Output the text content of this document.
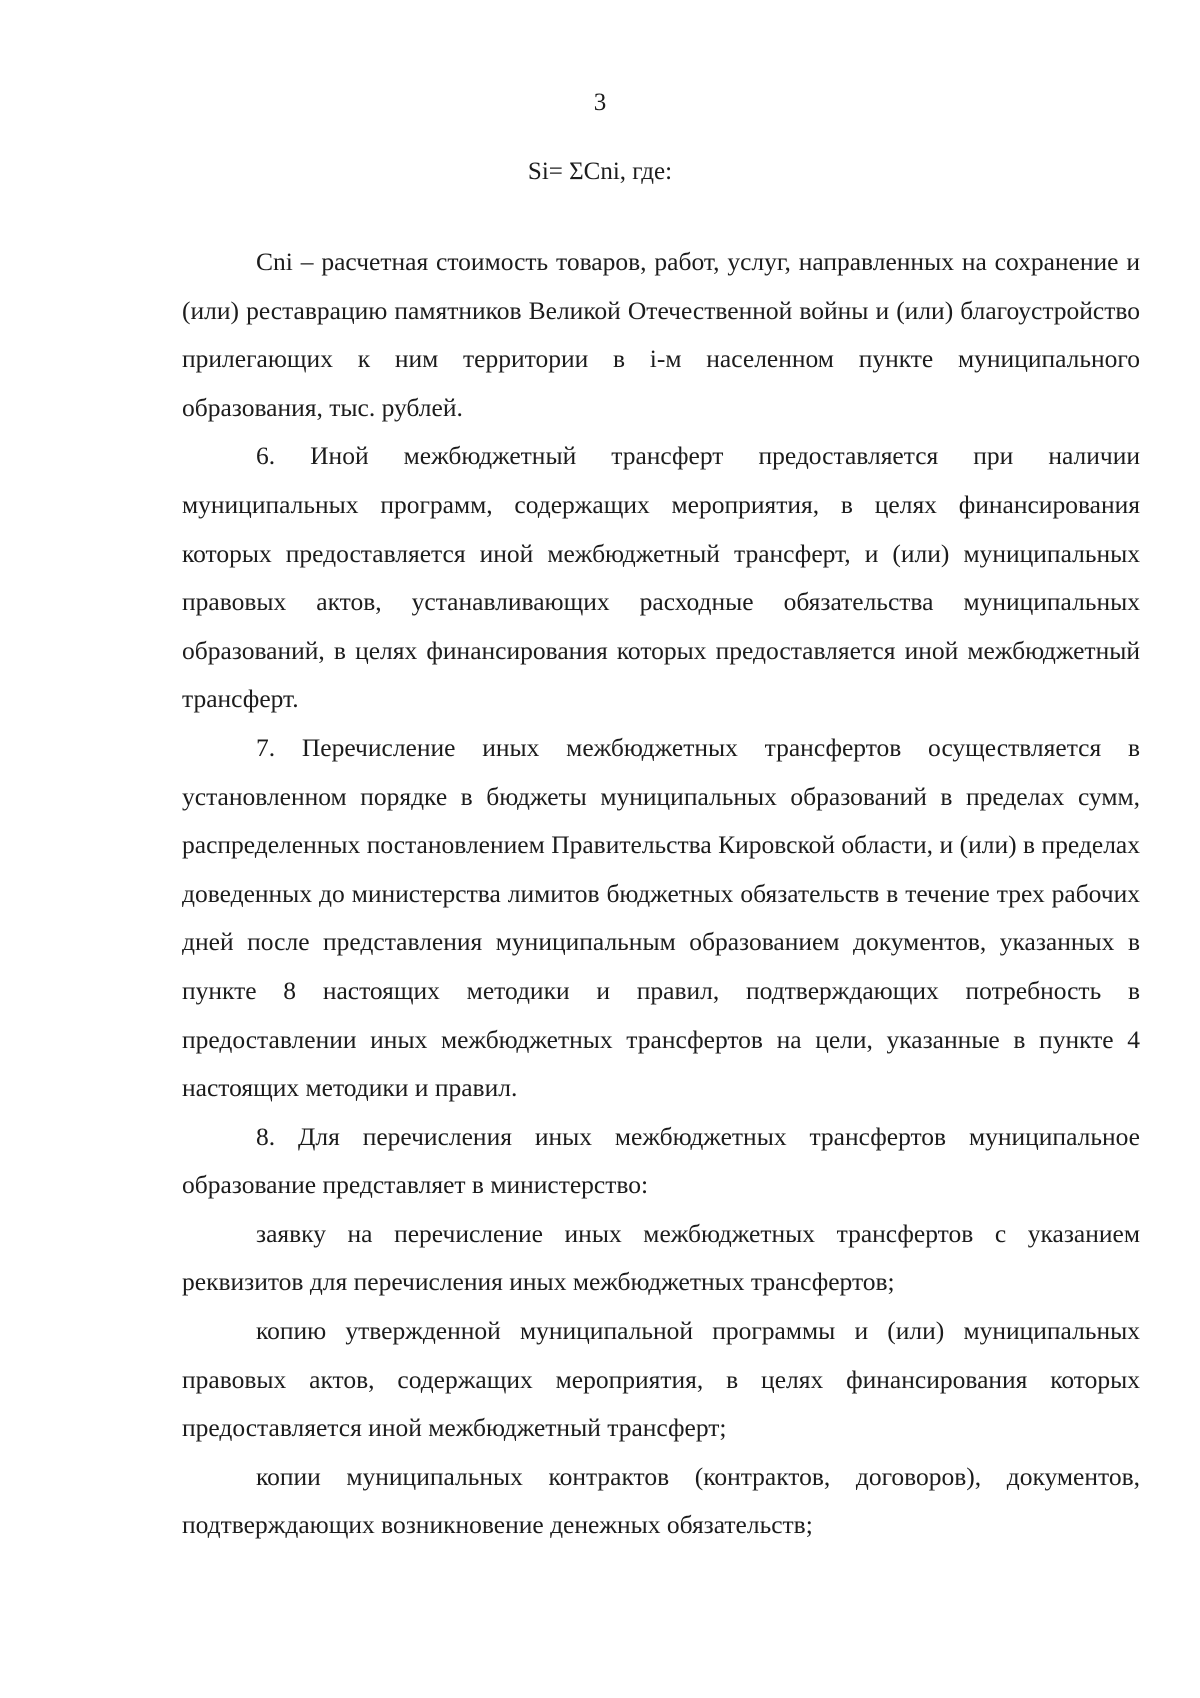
3
Si= ΣCni, где:

Cni – расчетная стоимость товаров, работ, услуг, направленных на сохранение и (или) реставрацию памятников Великой Отечественной войны и (или) благоустройство прилегающих к ним территории в i-м населенном пункте муниципального образования, тыс. рублей.

6. Иной межбюджетный трансферт предоставляется при наличии муниципальных программ, содержащих мероприятия, в целях финансирования которых предоставляется иной межбюджетный трансферт, и (или) муниципальных правовых актов, устанавливающих расходные обязательства муниципальных образований, в целях финансирования которых предоставляется иной межбюджетный трансферт.

7. Перечисление иных межбюджетных трансфертов осуществляется в установленном порядке в бюджеты муниципальных образований в пределах сумм, распределенных постановлением Правительства Кировской области, и (или) в пределах доведенных до министерства лимитов бюджетных обязательств в течение трех рабочих дней после представления муниципальным образованием документов, указанных в пункте 8 настоящих методики и правил, подтверждающих потребность в предоставлении иных межбюджетных трансфертов на цели, указанные в пункте 4 настоящих методики и правил.

8. Для перечисления иных межбюджетных трансфертов муниципальное образование представляет в министерство:

заявку на перечисление иных межбюджетных трансфертов с указанием реквизитов для перечисления иных межбюджетных трансфертов;

копию утвержденной муниципальной программы и (или) муниципальных правовых актов, содержащих мероприятия, в целях финансирования которых предоставляется иной межбюджетный трансферт;

копии муниципальных контрактов (контрактов, договоров), документов, подтверждающих возникновение денежных обязательств;
